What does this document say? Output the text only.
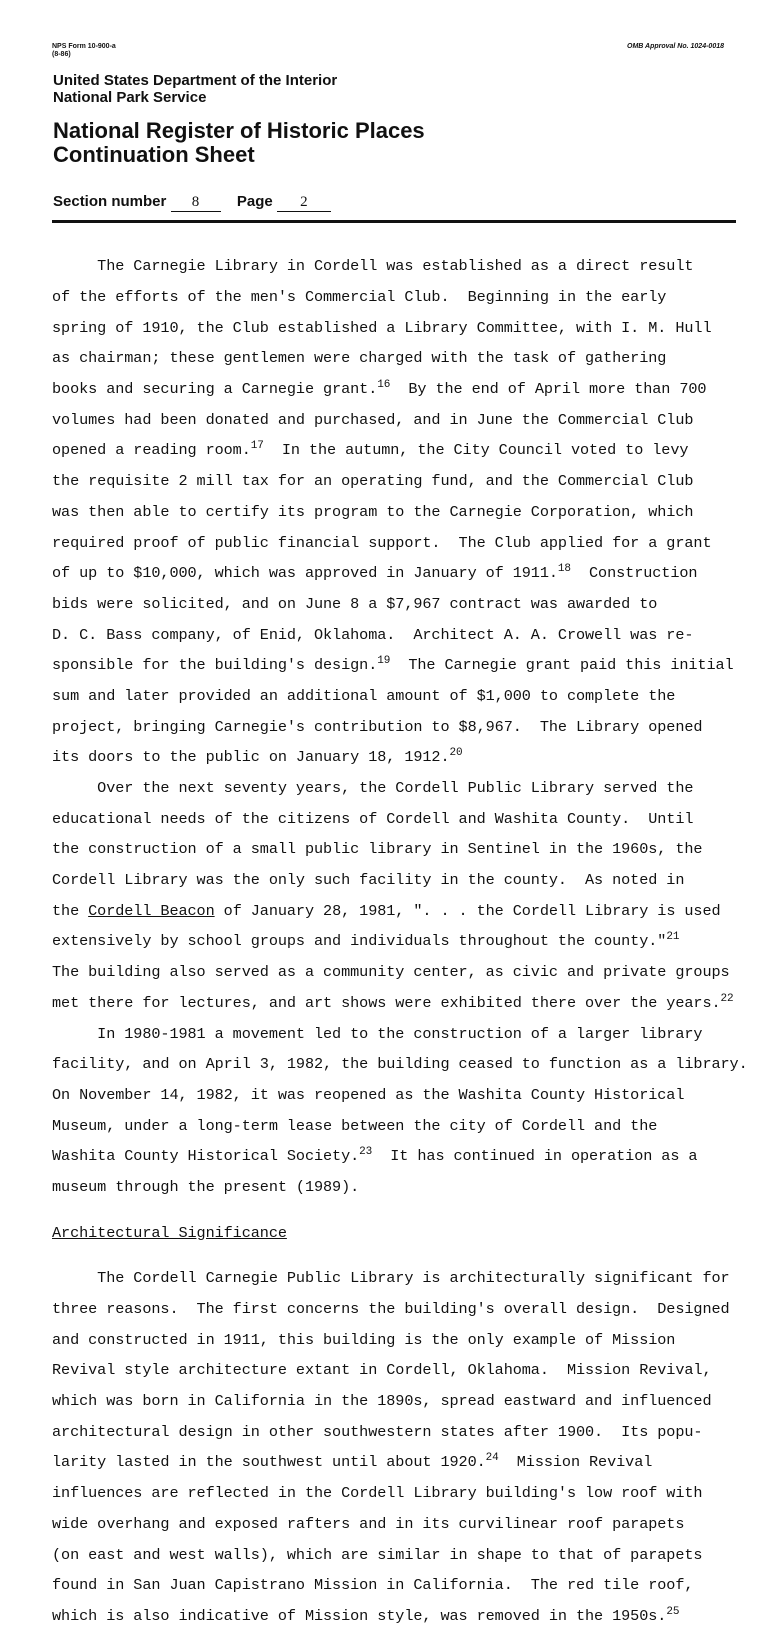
NPS Form 10-900-a
(8-86)
OMB Approval No. 1024-0018
United States Department of the Interior
National Park Service
National Register of Historic Places
Continuation Sheet
Section number 8	Page 2

The Carnegie Library in Cordell was established as a direct result

of the efforts of the men's Commercial Club.  Beginning in the early

spring of 1910, the Club established a Library Committee, with I. M. Hull

as chairman; these gentlemen were charged with the task of gathering

books and securing a Carnegie grant.$^{16}$  By the end of April more than 700

volumes had been donated and purchased, and in June the Commercial Club

opened a reading room.$^{17}$  In the autumn, the City Council voted to levy

the requisite 2 mill tax for an operating fund, and the Commercial Club

was then able to certify its program to the Carnegie Corporation, which

required proof of public financial support.  The Club applied for a grant

of up to $10,000, which was approved in January of 1911.18  Construction

bids were solicited, and on June 8 a $7,967 contract was awarded to

D. C. Bass company, of Enid, Oklahoma.  Architect A. A. Crowell was re-

sponsible for the building's design.$^{19}$  The Carnegie grant paid this initial

sum and later provided an additional amount of $1,000 to complete the

project, bringing Carnegie's contribution to $8,967.  The Library opened

its doors to the public on January 18, 1912.20

Over the next seventy years, the Cordell Public Library served the

educational needs of the citizens of Cordell and Washita County.  Until

the construction of a small public library in Sentinel in the 1960s, the

Cordell Library was the only such facility in the county.  As noted in

the Cordell Beacon of January 28, 1981, ". . . the Cordell Library is used

extensively by school groups and individuals throughout the county."$^{21}$

The building also served as a community center, as civic and private groups

met there for lectures, and art shows were exhibited there over the years.$^{22}$

In 1980-1981 a movement led to the construction of a larger library

facility, and on April 3, 1982, the building ceased to function as a library.

On November 14, 1982, it was reopened as the Washita County Historical

Museum, under a long-term lease between the city of Cordell and the

Washita County Historical Society.$^{23}$  It has continued in operation as a

museum through the present (1989).

Architectural Significance

The Cordell Carnegie Public Library is architecturally significant for

three reasons.  The first concerns the building's overall design.  Designed

and constructed in 1911, this building is the only example of Mission

Revival style architecture extant in Cordell, Oklahoma.  Mission Revival,

which was born in California in the 1890s, spread eastward and influenced

architectural design in other southwestern states after 1900.  Its popu-

larity lasted in the southwest until about 1920.24  Mission Revival

influences are reflected in the Cordell Library building's low roof with

wide overhang and exposed rafters and in its curvilinear roof parapets

(on east and west walls), which are similar in shape to that of parapets

found in San Juan Capistrano Mission in California.  The red tile roof,

which is also indicative of Mission style, was removed in the 1950s.$^{25}$
